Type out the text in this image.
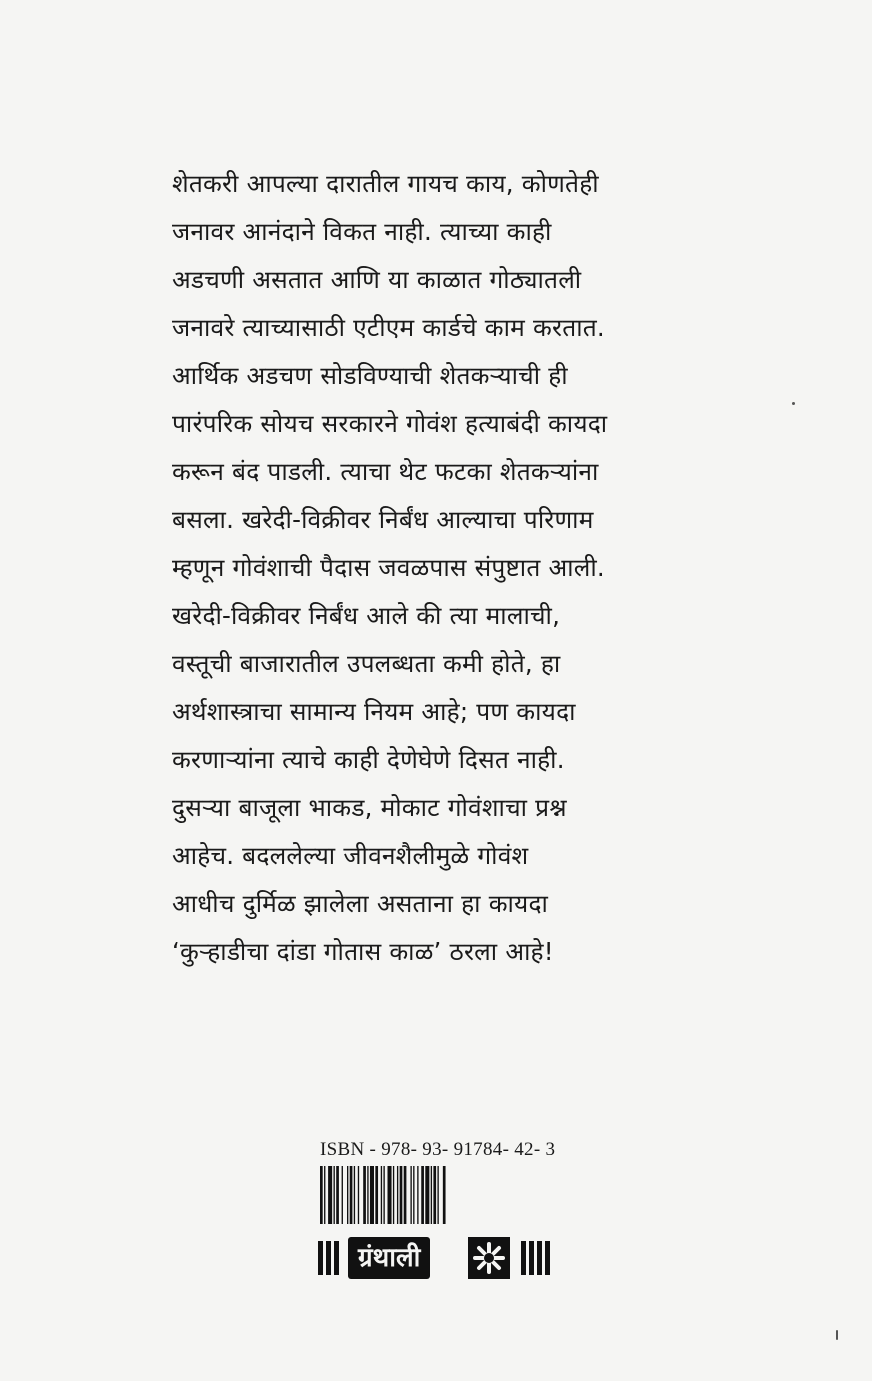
शेतकरी आपल्या दारातील गायच काय, कोणतेही
जनावर आनंदाने विकत नाही. त्याच्या काही
अडचणी असतात आणि या काळात गोठ्यातली
जनावरे त्याच्यासाठी एटीएम कार्डचे काम करतात.
आर्थिक अडचण सोडविण्याची शेतकऱ्याची ही
पारंपरिक सोयच सरकारने गोवंश हत्याबंदी कायदा
करून बंद पाडली. त्याचा थेट फटका शेतकऱ्यांना
बसला. खरेदी-विक्रीवर निर्बंध आल्याचा परिणाम
म्हणून गोवंशाची पैदास जवळपास संपुष्टात आली.
खरेदी-विक्रीवर निर्बंध आले की त्या मालाची,
वस्तूची बाजारातील उपलब्धता कमी होते, हा
अर्थशास्त्राचा सामान्य नियम आहे; पण कायदा
करणाऱ्यांना त्याचे काही देणेघेणे दिसत नाही.
दुसऱ्या बाजूला भाकड, मोकाट गोवंशाचा प्रश्न
आहेच. बदललेल्या जीवनशैलीमुळे गोवंश
आधीच दुर्मिळ झालेला असताना हा कायदा
‘कुऱ्हाडीचा दांडा गोतास काळ’ ठरला आहे!
ISBN - 978- 93- 91784- 42- 3
ग्रंथाली
